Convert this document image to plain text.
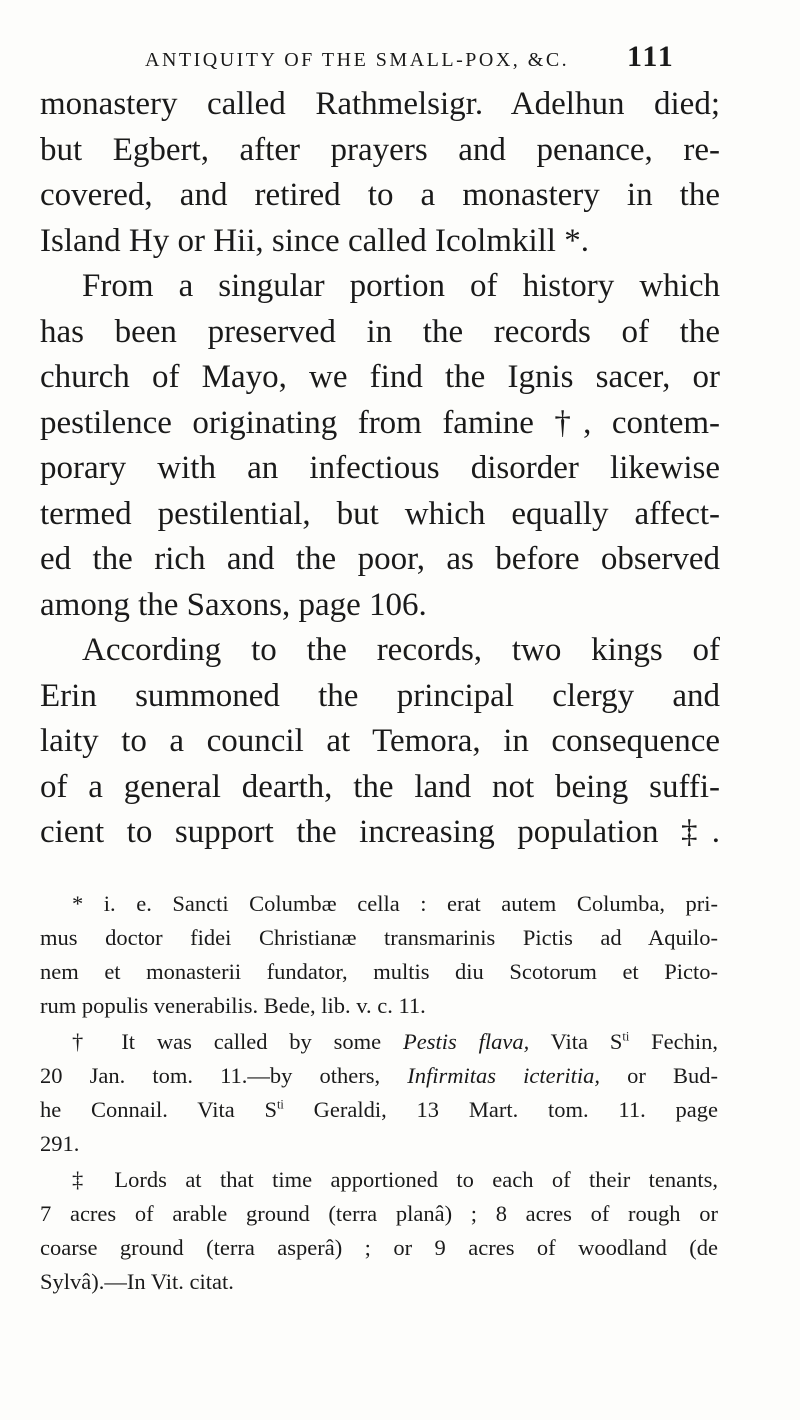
ANTIQUITY OF THE SMALL-POX, &C.	111
monastery called Rathmelsigr. Adelhun died;
but Egbert, after prayers and penance, re-
covered, and retired to a monastery in the
Island Hy or Hii, since called Icolmkill *.
From a singular portion of history which
has been preserved in the records of the
church of Mayo, we find the Ignis sacer, or
pestilence originating from famine †, contem-
porary with an infectious disorder likewise
termed pestilential, but which equally affect-
ed the rich and the poor, as before observed
among the Saxons, page 106.
According to the records, two kings of
Erin summoned the principal clergy and
laity to a council at Temora, in consequence
of a general dearth, the land not being suffi-
cient to support the increasing population ‡.
* i. e. Sancti Columbæ cella : erat autem Columba, pri-
mus doctor fidei Christianæ transmarinis Pictis ad Aquilo-
nem et monasterii fundator, multis diu Scotorum et Picto-
rum populis venerabilis. Bede, lib. v. c. 11.
† It was called by some Pestis flava, Vita $S^{ti}$ Fechin,
20 Jan. tom. 11.—by others, Infirmitas icteritia, or Bud-
he Connail. Vita $S^{ti}$ Geraldi, 13 Mart. tom. 11. page
291.
‡ Lords at that time apportioned to each of their tenants,
7 acres of arable ground (terra planâ) ; 8 acres of rough or
coarse ground (terra asperâ) ; or 9 acres of woodland (de
Sylvâ).—In Vit. citat.
